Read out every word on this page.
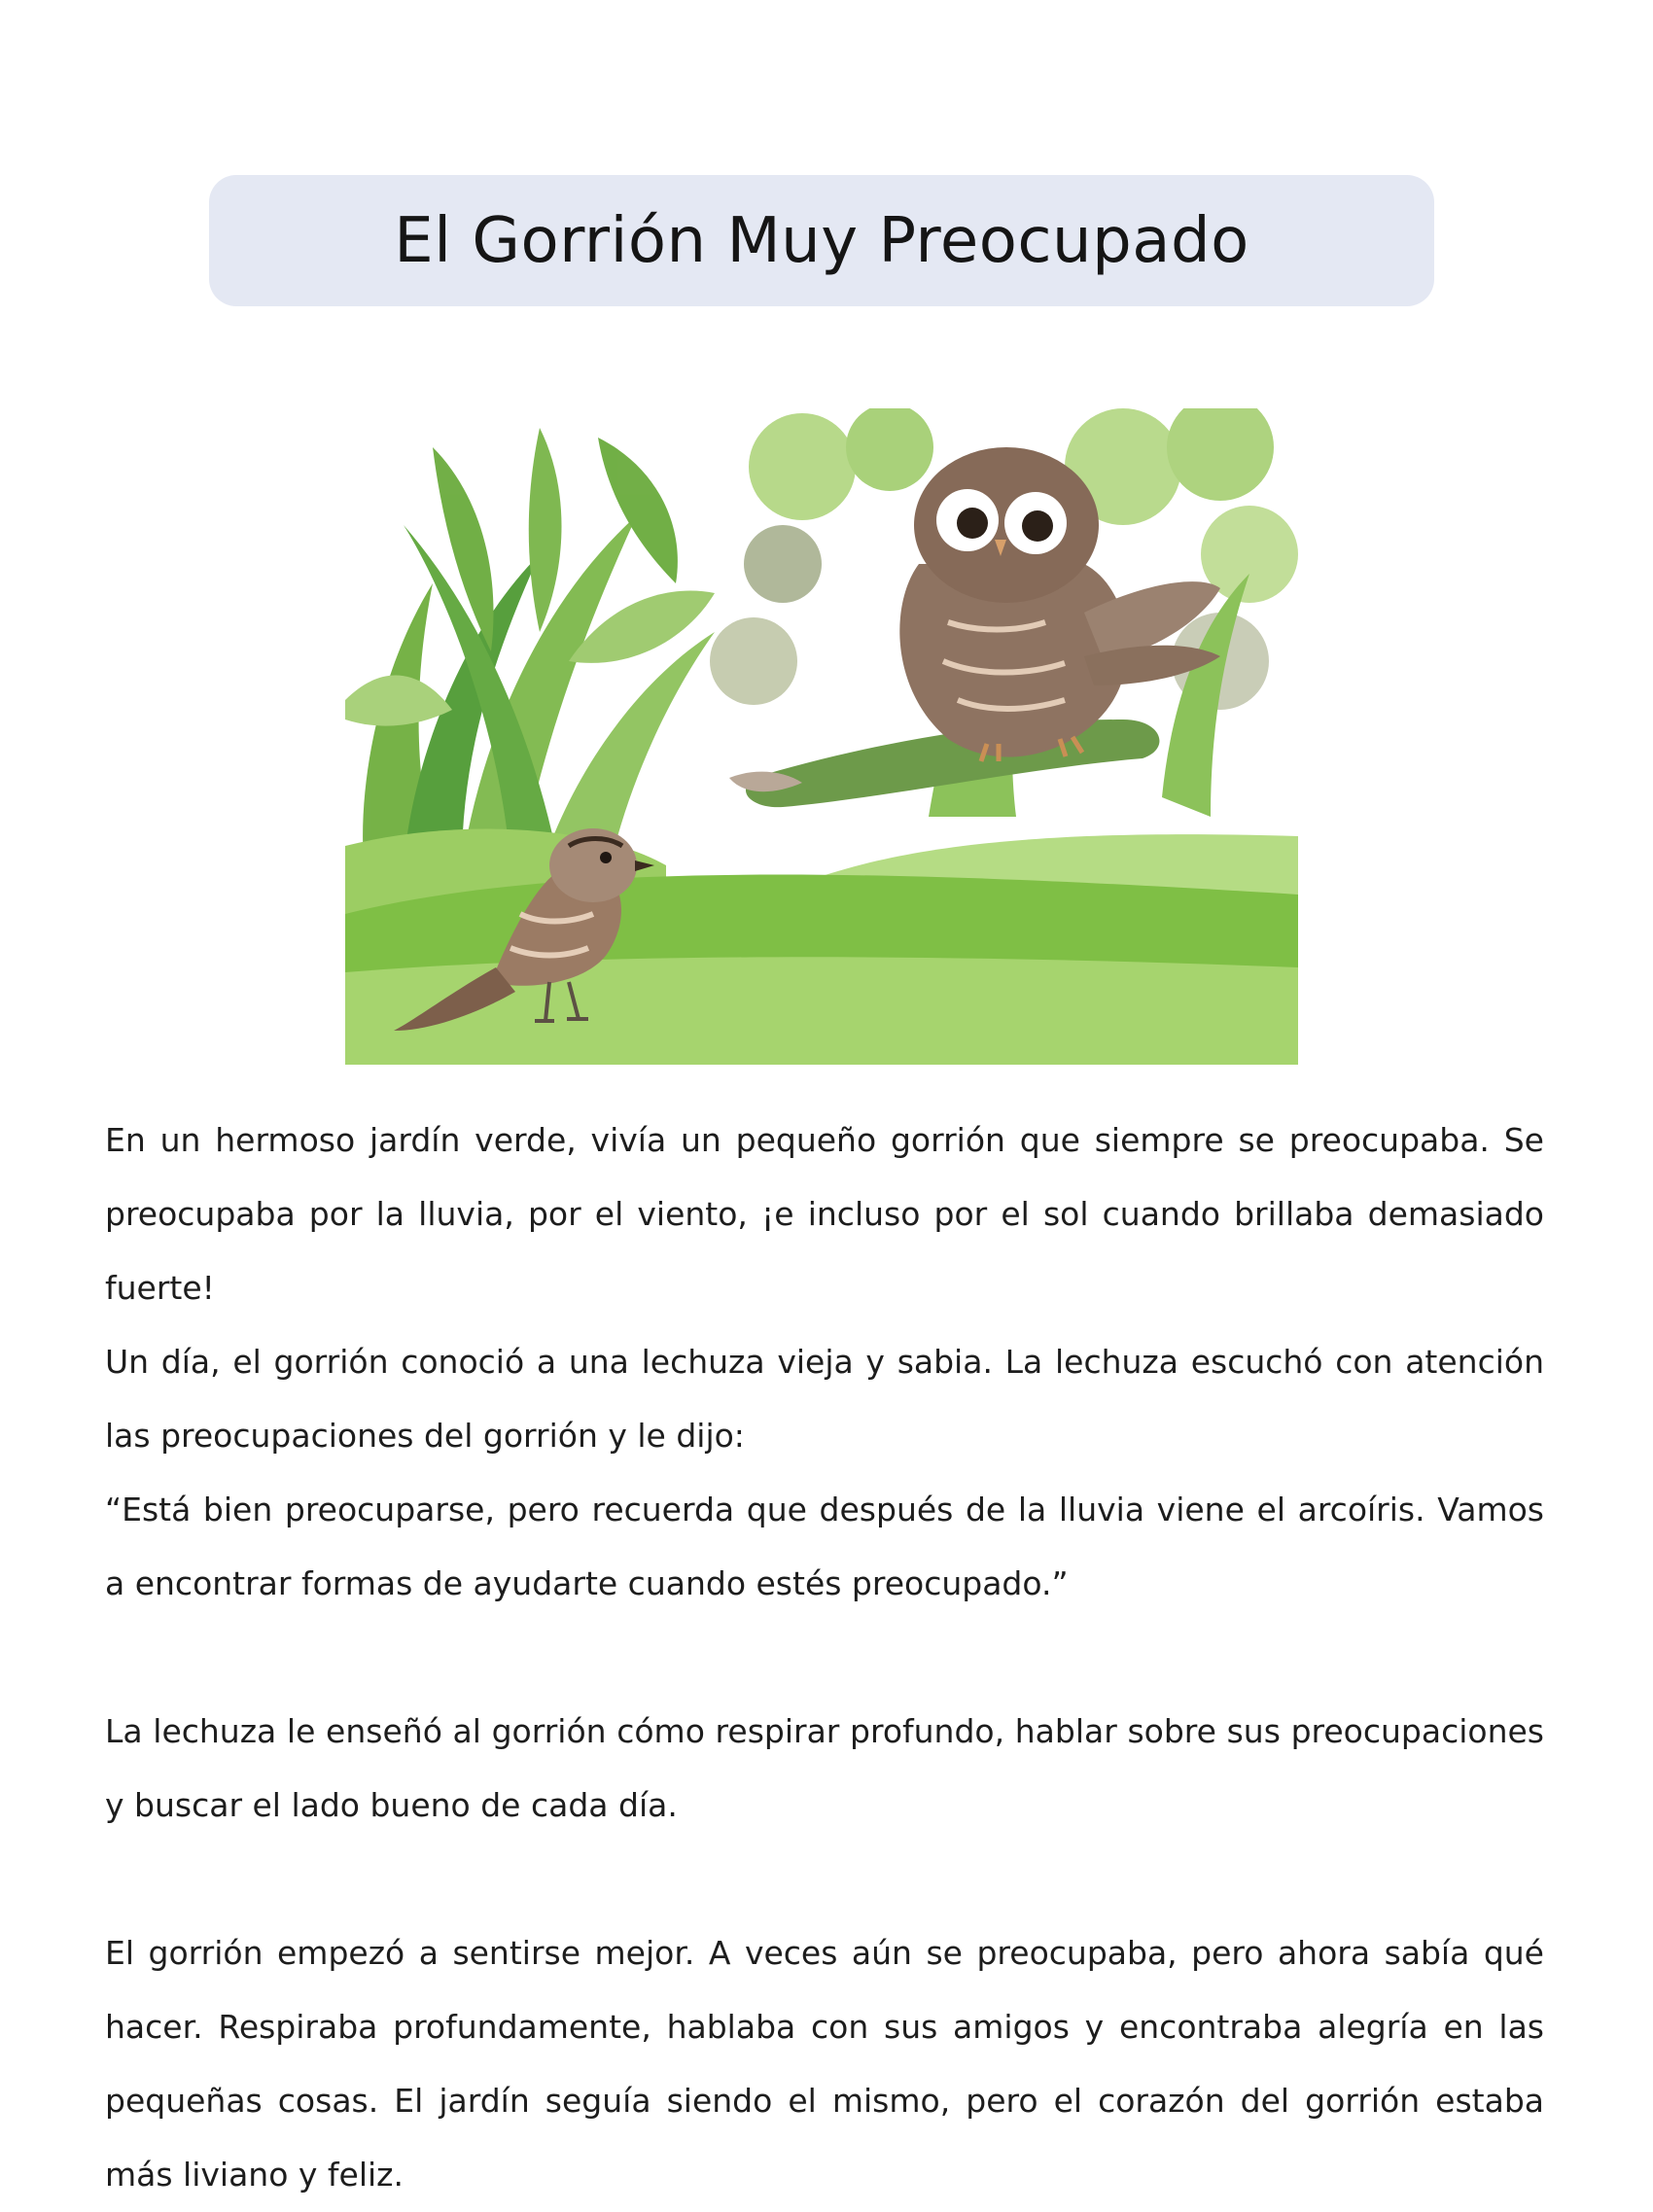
El Gorrión Muy Preocupado

En un hermoso jardín verde, vivía un pequeño gorrión que siempre se preocupaba. Se preocupaba por la lluvia, por el viento, ¡e incluso por el sol cuando brillaba demasiado fuerte!

Un día, el gorrión conoció a una lechuza vieja y sabia. La lechuza escuchó con atención las preocupaciones del gorrión y le dijo:

“Está bien preocuparse, pero recuerda que después de la lluvia viene el arcoíris. Vamos a encontrar formas de ayudarte cuando estés preocupado.”

La lechuza le enseñó al gorrión cómo respirar profundo, hablar sobre sus preocupaciones y buscar el lado bueno de cada día.

El gorrión empezó a sentirse mejor. A veces aún se preocupaba, pero ahora sabía qué hacer. Respiraba profundamente, hablaba con sus amigos y encontraba alegría en las pequeñas cosas. El jardín seguía siendo el mismo, pero el corazón del gorrión estaba más liviano y feliz.
